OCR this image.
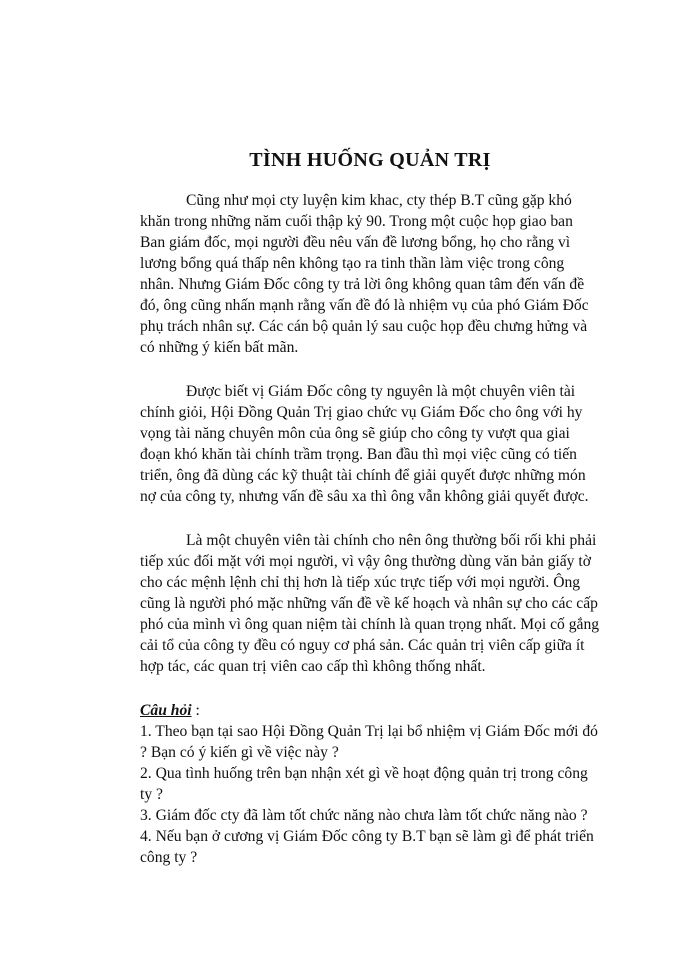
TÌNH HUỐNG QUẢN TRỊ

Cũng như mọi cty luyện kim khac, cty thép B.T cũng gặp khó khăn trong những năm cuối thập kỷ 90. Trong một cuộc họp giao ban Ban giám đốc, mọi người đều nêu vấn đề lương bổng, họ cho rằng vì lương bổng quá thấp nên không tạo ra tinh thần làm việc trong công nhân. Nhưng Giám Đốc công ty trả lời ông không quan tâm đến vấn đề đó, ông cũng nhấn mạnh rằng vấn đề đó là nhiệm vụ của phó Giám Đốc phụ trách nhân sự. Các cán bộ quản lý sau cuộc họp đều chưng hửng và có những ý kiến bất mãn.

Được biết vị Giám Đốc công ty nguyên là một chuyên viên tài chính giỏi, Hội Đồng Quản Trị giao chức vụ Giám Đốc cho ông với hy vọng tài năng chuyên môn của ông sẽ giúp cho công ty vượt qua giai đoạn khó khăn tài chính trầm trọng. Ban đầu thì mọi việc cũng có tiến triển, ông đã dùng các kỹ thuật tài chính để giải quyết được những món nợ của công ty, nhưng vấn đề sâu xa thì ông vẫn không giải quyết được.

Là một chuyên viên tài chính cho nên ông thường bối rối khi phải tiếp xúc đối mặt với mọi người, vì vậy ông thường dùng văn bản giấy tờ cho các mệnh lệnh chỉ thị hơn là tiếp xúc trực tiếp với mọi người. Ông cũng là người phó mặc những vấn đề về kế hoạch và nhân sự cho các cấp phó của mình vì ông quan niệm tài chính là quan trọng nhất. Mọi cố gắng cải tổ của công ty đều có nguy cơ phá sản. Các quản trị viên cấp giữa ít hợp tác, các quan trị viên cao cấp thì không thống nhất.

Câu hỏi :

1. Theo bạn tại sao Hội Đồng Quản Trị lại bổ nhiệm vị Giám Đốc mới đó ? Bạn có ý kiến gì về việc này ?
2. Qua tình huống trên bạn nhận xét gì về hoạt động quản trị trong công ty ?
3. Giám đốc cty đã làm tốt chức năng nào chưa làm tốt chức năng nào ?
4. Nếu bạn ở cương vị Giám Đốc công ty B.T bạn sẽ làm gì để phát triển công ty ?
